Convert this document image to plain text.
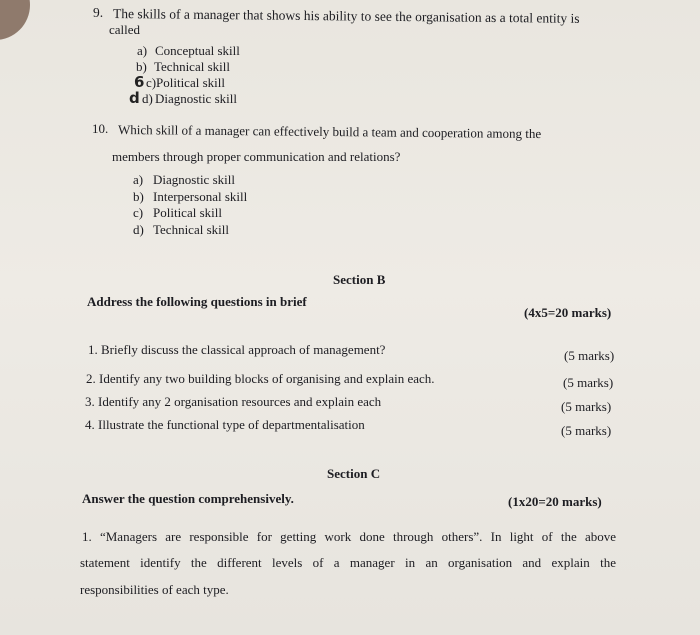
9. The skills of a manager that shows his ability to see the organisation as a total entity is
called
a) Conceptual skill
b) Technical skill
6 c) Political skill
d d) Diagnostic skill
10. Which skill of a manager can effectively build a team and cooperation among the
members through proper communication and relations?
a) Diagnostic skill
b) Interpersonal skill
c) Political skill
d) Technical skill
Section B
Address the following questions in brief
(4x5=20 marks)
1. Briefly discuss the classical approach of management?	(5 marks)
2. Identify any two building blocks of organising and explain each.	(5 marks)
3. Identify any 2 organisation resources and explain each	(5 marks)
4. Illustrate the functional type of departmentalisation	(5 marks)
Section C
Answer the question comprehensively.	(1x20=20 marks)
1. “Managers are responsible for getting work done through others”. In light of the above
statement identify the different levels of a manager in an organisation and explain the
responsibilities of each type.
